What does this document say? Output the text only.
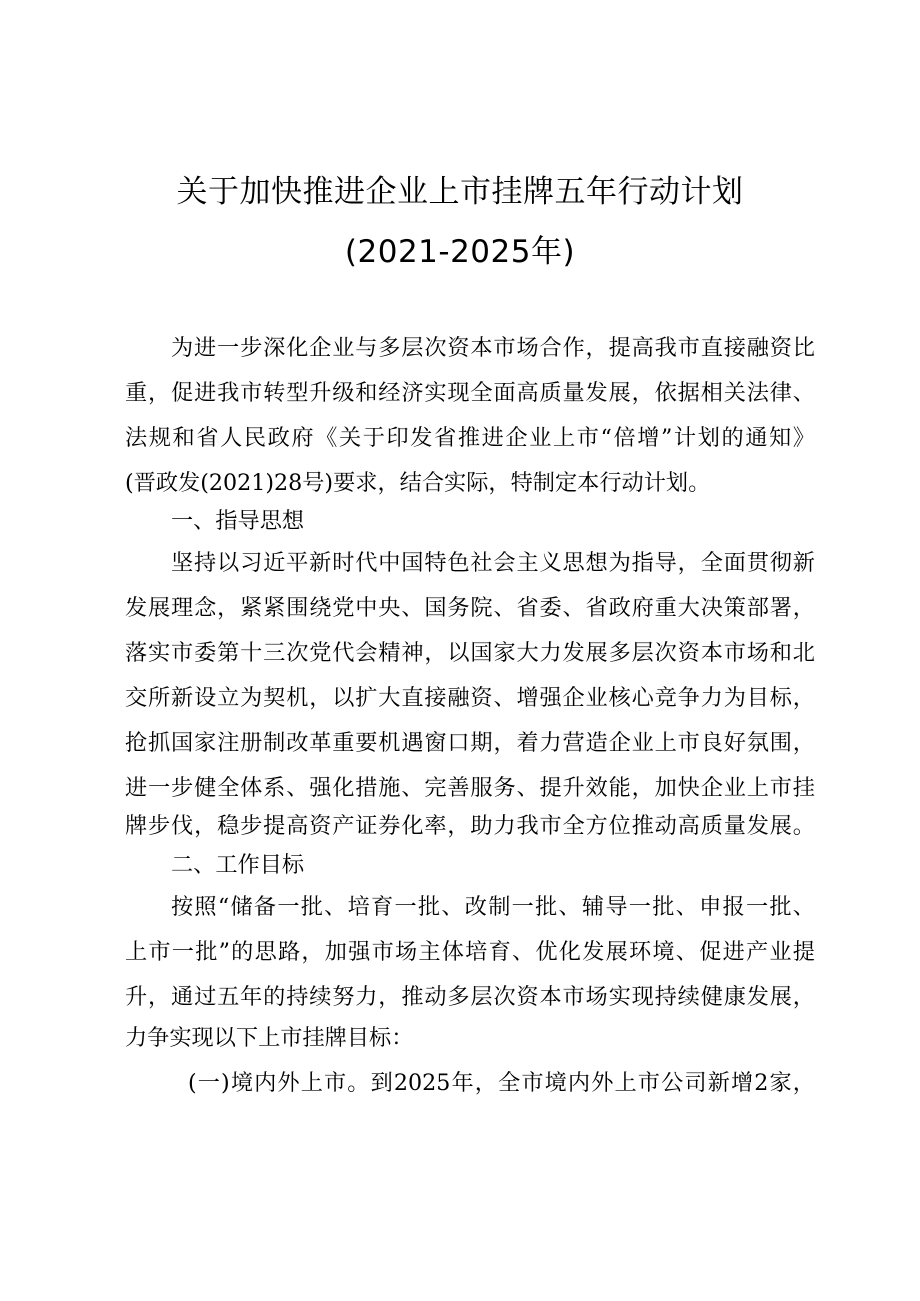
关于加快推进企业上市挂牌五年行动计划
(2021-2025年)
为进一步深化企业与多层次资本市场合作，提高我市直接融资比
重，促进我市转型升级和经济实现全面高质量发展，依据相关法律、
法规和省人民政府《关于印发省推进企业上市“倍增”计划的通知》
(晋政发(2021)28号)要求，结合实际，特制定本行动计划。
一、指导思想
坚持以习近平新时代中国特色社会主义思想为指导，全面贯彻新
发展理念，紧紧围绕党中央、国务院、省委、省政府重大决策部署，
落实市委第十三次党代会精神，以国家大力发展多层次资本市场和北
交所新设立为契机，以扩大直接融资、增强企业核心竞争力为目标，
抢抓国家注册制改革重要机遇窗口期，着力营造企业上市良好氛围，
进一步健全体系、强化措施、完善服务、提升效能，加快企业上市挂
牌步伐，稳步提高资产证券化率，助力我市全方位推动高质量发展。
二、工作目标
按照“储备一批、培育一批、改制一批、辅导一批、申报一批、
上市一批”的思路，加强市场主体培育、优化发展环境、促进产业提
升，通过五年的持续努力，推动多层次资本市场实现持续健康发展，
力争实现以下上市挂牌目标：
(一)境内外上市。到2025年，全市境内外上市公司新增2家，
